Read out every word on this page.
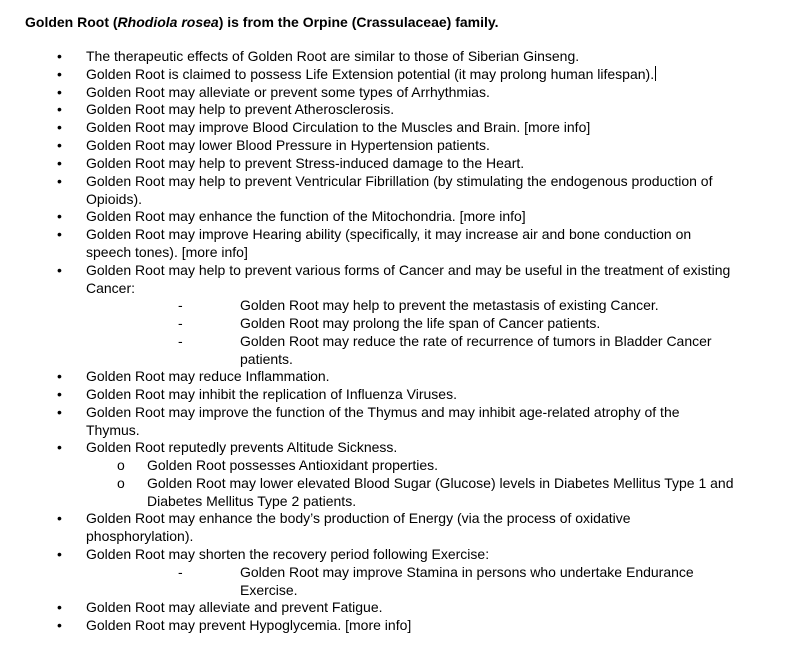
Golden Root (Rhodiola rosea) is from the Orpine (Crassulaceae) family.
• The therapeutic effects of Golden Root are similar to those of Siberian Ginseng.
• Golden Root is claimed to possess Life Extension potential (it may prolong human lifespan).
• Golden Root may alleviate or prevent some types of Arrhythmias.
• Golden Root may help to prevent Atherosclerosis.
• Golden Root may improve Blood Circulation to the Muscles and Brain. [more info]
• Golden Root may lower Blood Pressure in Hypertension patients.
• Golden Root may help to prevent Stress-induced damage to the Heart.
• Golden Root may help to prevent Ventricular Fibrillation (by stimulating the endogenous production of
Opioids).
• Golden Root may enhance the function of the Mitochondria. [more info]
• Golden Root may improve Hearing ability (specifically, it may increase air and bone conduction on
speech tones). [more info]
• Golden Root may help to prevent various forms of Cancer and may be useful in the treatment of existing
Cancer:
-	Golden Root may help to prevent the metastasis of existing Cancer.
-	Golden Root may prolong the life span of Cancer patients.
-	Golden Root may reduce the rate of recurrence of tumors in Bladder Cancer
patients.
• Golden Root may reduce Inflammation.
• Golden Root may inhibit the replication of Influenza Viruses.
• Golden Root may improve the function of the Thymus and may inhibit age-related atrophy of the
Thymus.
• Golden Root reputedly prevents Altitude Sickness.
o Golden Root possesses Antioxidant properties.
o Golden Root may lower elevated Blood Sugar (Glucose) levels in Diabetes Mellitus Type 1 and
Diabetes Mellitus Type 2 patients.
• Golden Root may enhance the body’s production of Energy (via the process of oxidative
phosphorylation).
• Golden Root may shorten the recovery period following Exercise:
-	Golden Root may improve Stamina in persons who undertake Endurance
Exercise.
• Golden Root may alleviate and prevent Fatigue.
• Golden Root may prevent Hypoglycemia. [more info]
